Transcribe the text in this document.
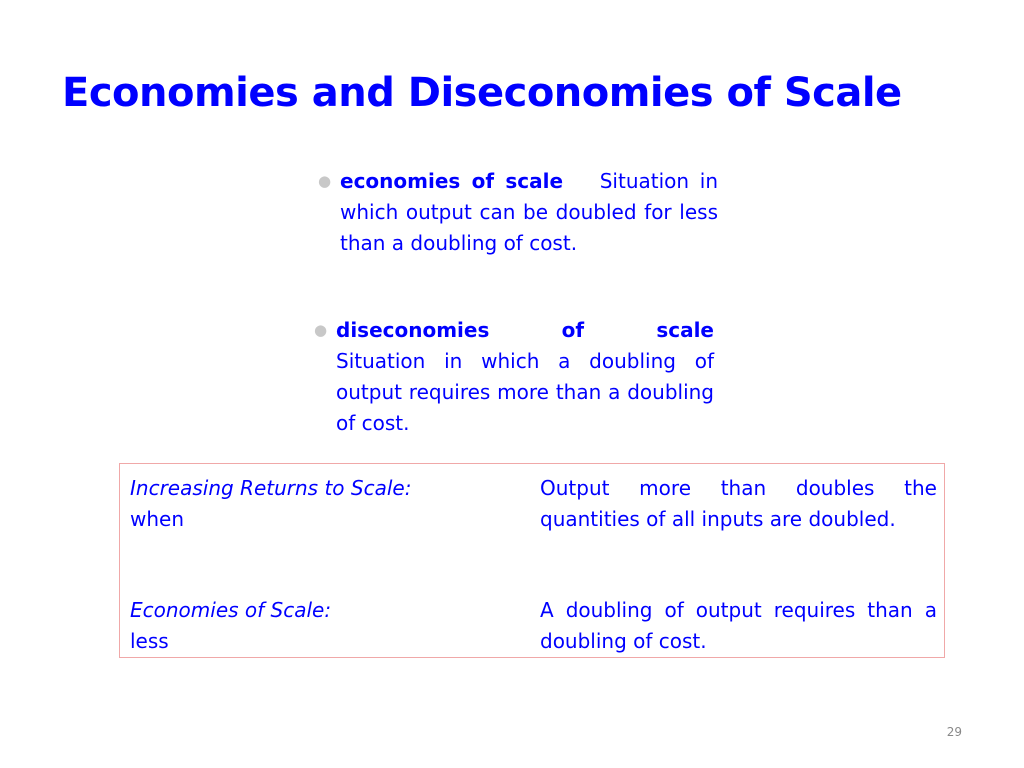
Economies and Diseconomies of Scale

● economies of scale Situation in which output can be doubled for less than a doubling of cost.

● diseconomies of scale
Situation in which a doubling of output requires more than a doubling of cost.

Increasing Returns to Scale:
when
Output more than doubles the quantities of all inputs are doubled.
Economies of Scale:
less
A doubling of output requires than a doubling of cost.
29
